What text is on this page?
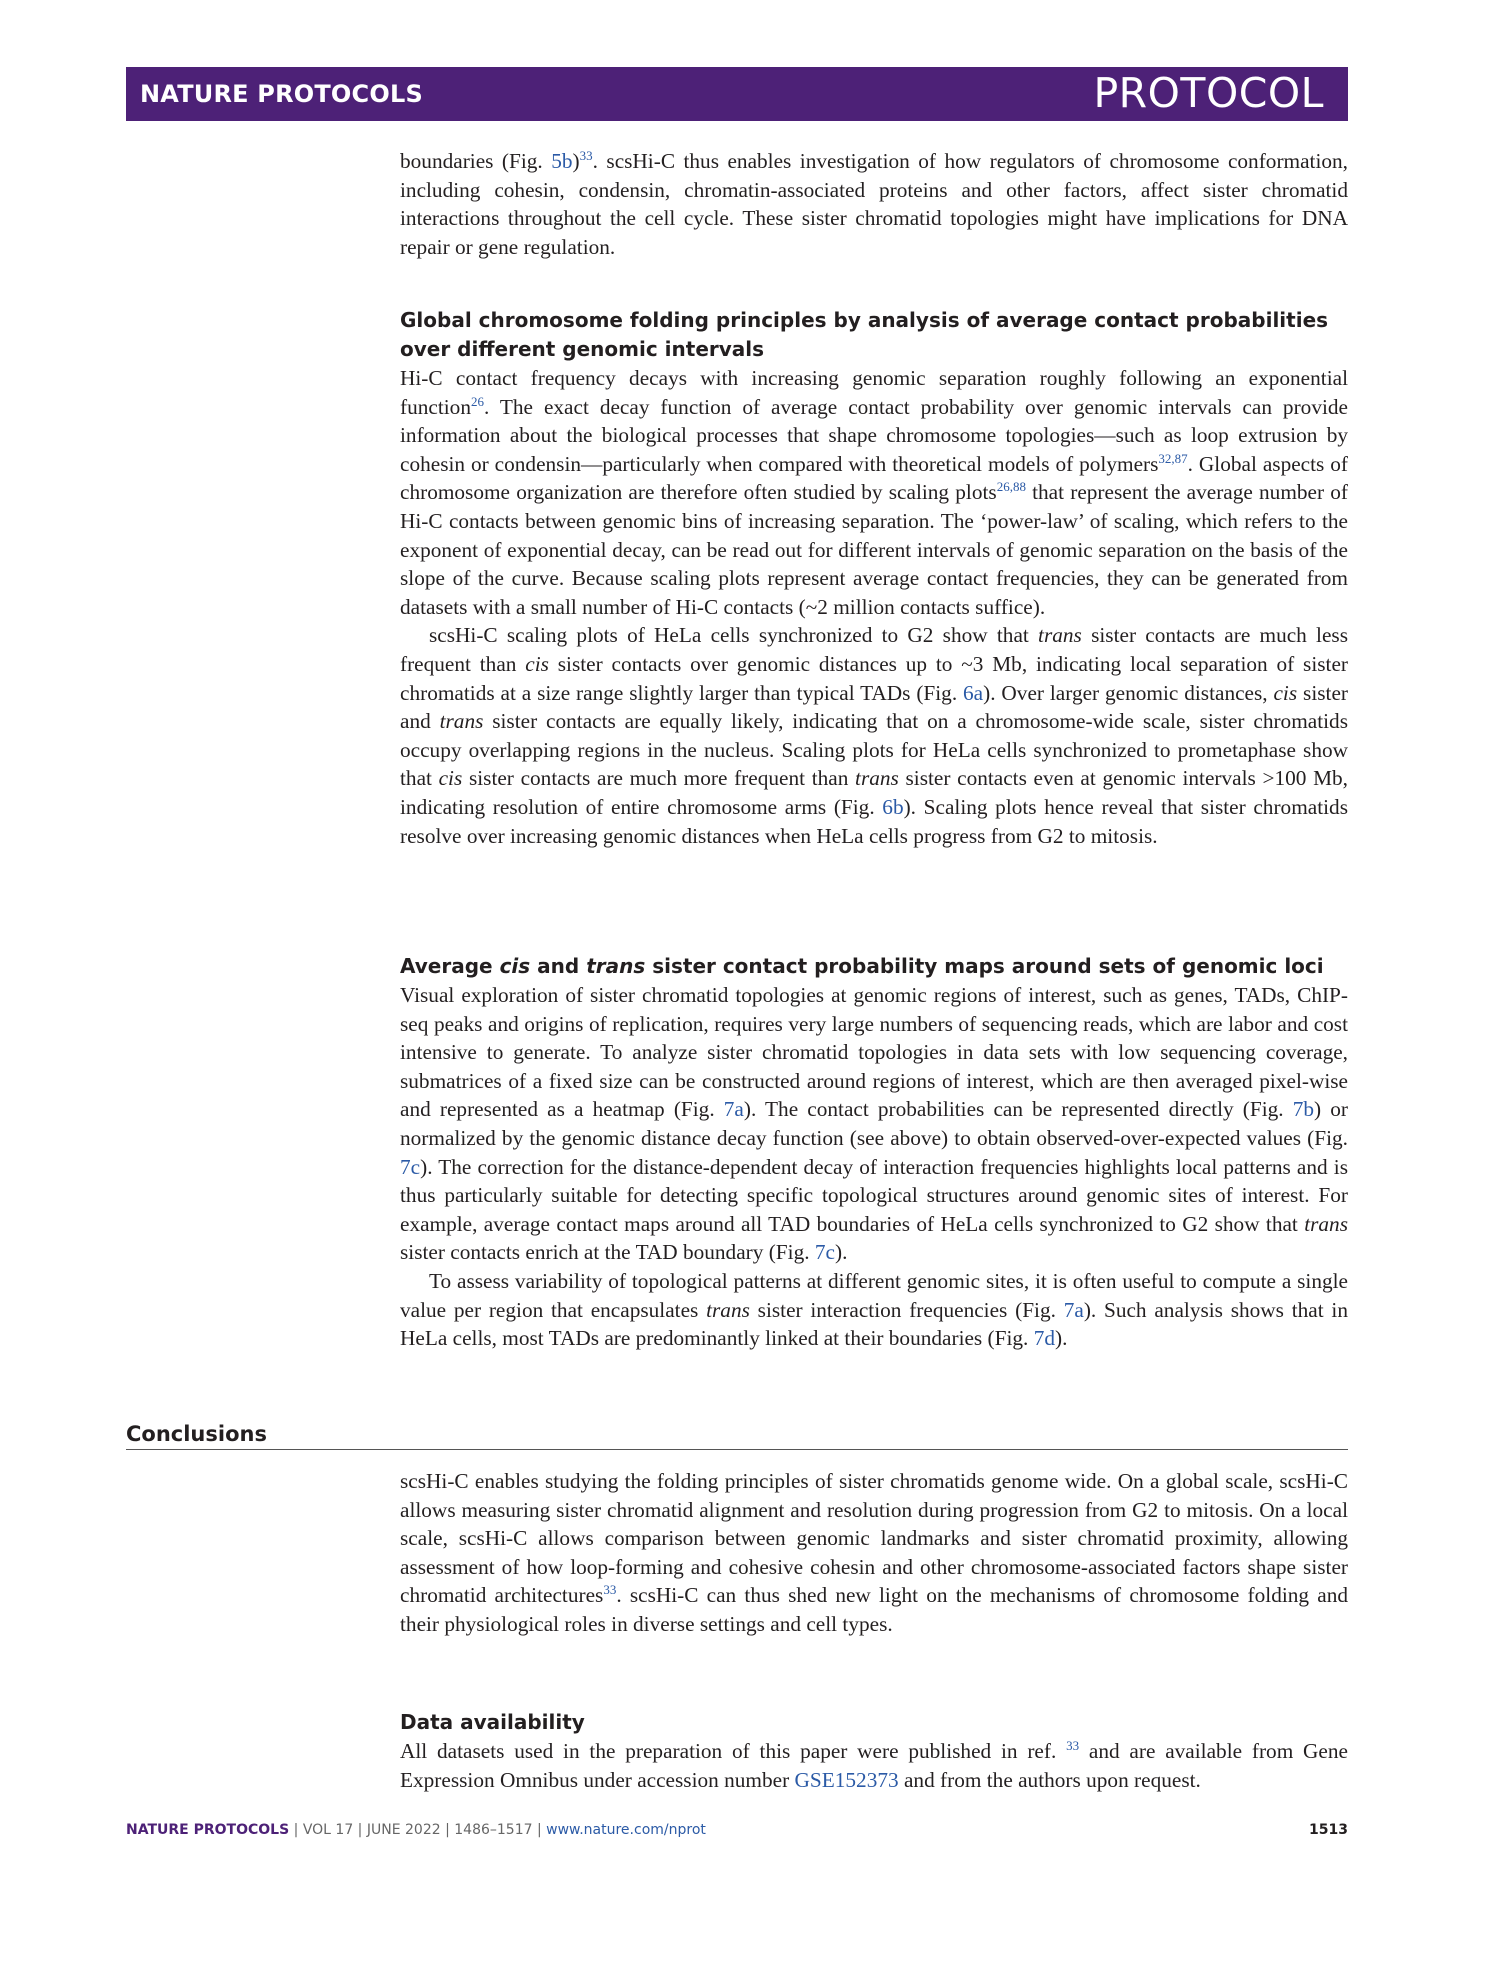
NATURE PROTOCOLS	PROTOCOL

boundaries (Fig. 5b)$^{33}$. scsHi-C thus enables investigation of how regulators of chromosome conformation, including cohesin, condensin, chromatin-associated proteins and other factors, affect sister chromatid interactions throughout the cell cycle. These sister chromatid topologies might have implications for DNA repair or gene regulation.

Global chromosome folding principles by analysis of average contact probabilities over different genomic intervals

Hi-C contact frequency decays with increasing genomic separation roughly following an exponential function$^{26}$. The exact decay function of average contact probability over genomic intervals can provide information about the biological processes that shape chromosome topologies—such as loop extrusion by cohesin or condensin—particularly when compared with theoretical models of polymers$^{32,87}$. Global aspects of chromosome organization are therefore often studied by scaling plots$^{26,88}$ that represent the average number of Hi-C contacts between genomic bins of increasing separation. The ‘power-law’ of scaling, which refers to the exponent of exponential decay, can be read out for different intervals of genomic separation on the basis of the slope of the curve. Because scaling plots represent average contact frequencies, they can be generated from datasets with a small number of Hi-C contacts (~2 million contacts suffice).

scsHi-C scaling plots of HeLa cells synchronized to G2 show that trans sister contacts are much less frequent than cis sister contacts over genomic distances up to ~3 Mb, indicating local separation of sister chromatids at a size range slightly larger than typical TADs (Fig. 6a). Over larger genomic distances, cis sister and trans sister contacts are equally likely, indicating that on a chromosome-wide scale, sister chromatids occupy overlapping regions in the nucleus. Scaling plots for HeLa cells synchronized to prometaphase show that cis sister contacts are much more frequent than trans sister contacts even at genomic intervals >100 Mb, indicating resolution of entire chromosome arms (Fig. 6b). Scaling plots hence reveal that sister chromatids resolve over increasing genomic distances when HeLa cells progress from G2 to mitosis.

Average cis and trans sister contact probability maps around sets of genomic loci

Visual exploration of sister chromatid topologies at genomic regions of interest, such as genes, TADs, ChIP-seq peaks and origins of replication, requires very large numbers of sequencing reads, which are labor and cost intensive to generate. To analyze sister chromatid topologies in data sets with low sequencing coverage, submatrices of a fixed size can be constructed around regions of interest, which are then averaged pixel-wise and represented as a heatmap (Fig. 7a). The contact probabilities can be represented directly (Fig. 7b) or normalized by the genomic distance decay function (see above) to obtain observed-over-expected values (Fig. 7c). The correction for the distance-dependent decay of interaction frequencies highlights local patterns and is thus particularly suitable for detecting specific topological structures around genomic sites of interest. For example, average contact maps around all TAD boundaries of HeLa cells synchronized to G2 show that trans sister contacts enrich at the TAD boundary (Fig. 7c).

To assess variability of topological patterns at different genomic sites, it is often useful to compute a single value per region that encapsulates trans sister interaction frequencies (Fig. 7a). Such analysis shows that in HeLa cells, most TADs are predominantly linked at their boundaries (Fig. 7d).

Conclusions

scsHi-C enables studying the folding principles of sister chromatids genome wide. On a global scale, scsHi-C allows measuring sister chromatid alignment and resolution during progression from G2 to mitosis. On a local scale, scsHi-C allows comparison between genomic landmarks and sister chromatid proximity, allowing assessment of how loop-forming and cohesive cohesin and other chromosome-associated factors shape sister chromatid architectures$^{33}$. scsHi-C can thus shed new light on the mechanisms of chromosome folding and their physiological roles in diverse settings and cell types.

Data availability

All datasets used in the preparation of this paper were published in ref. $^{33}$ and are available from Gene Expression Omnibus under accession number GSE152373 and from the authors upon request.

NATURE PROTOCOLS | VOL 17 | JUNE 2022 | 1486–1517 | www.nature.com/nprot	1513
